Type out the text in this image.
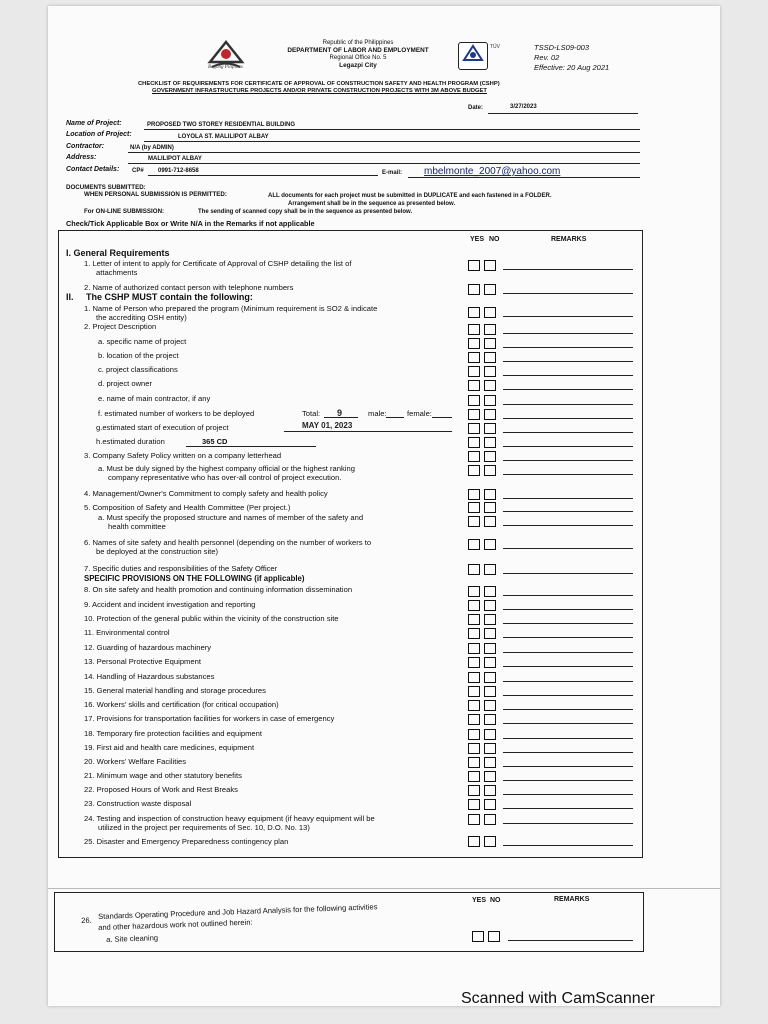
Bagong Pilipinas
Republic of the Philippines
DEPARTMENT OF LABOR AND EMPLOYMENT
Regional Office No. 5
Legazpi City
TÜV	TSSD-LS09-003
Rev. 02
Effective: 20 Aug 2021
CHECKLIST OF REQUIREMENTS FOR CERTIFICATE OF APPROVAL OF CONSTRUCTION SAFETY AND HEALTH PROGRAM (CSHP)
GOVERNMENT INFRASTRUCTURE PROJECTS AND/OR PRIVATE CONSTRUCTION PROJECTS WITH 3M ABOVE BUDGET
Date:	3/27/2023
Name of Project:	PROPOSED TWO STOREY RESIDENTIAL BUILDING
Location of Project:	LOYOLA ST. MALILIPOT ALBAY
Contractor:	N/A (by ADMIN)
Address:	MALILIPOT ALBAY
Contact Details: CP# 0991-712-8658	E-mail: mbelmonte_2007@yahoo.com
DOCUMENTS SUBMITTED:
WHEN PERSONAL SUBMISSION IS PERMITTED:	ALL documents for each project must be submitted in DUPLICATE and each fastened in a FOLDER.
Arrangement shall be in the sequence as presented below.
For ON-LINE SUBMISSION:	The sending of scanned copy shall be in the sequence as presented below.
Check/Tick Applicable Box or Write N/A in the Remarks if not applicable
YES NO	REMARKS
I. General Requirements
1. Letter of intent to apply for Certificate of Approval of CSHP detailing the list of
attachments
2. Name of authorized contact person with telephone numbers
II. The CSHP MUST contain the following:
1. Name of Person who prepared the program (Minimum requirement is SO2 & indicate
the accrediting OSH entity)
2. Project Description
a. specific name of project
b. location of the project
c. project classifications
d. project owner
e. name of main contractor, if any
f. estimated number of workers to be deployed	Total: 9	male:	female:
g.estimated start of execution of project	MAY 01, 2023
h.estimated duration	365 CD
3. Company Safety Policy written on a company letterhead
a. Must be duly signed by the highest company official or the highest ranking
company representative who has over-all control of project execution.
4. Management/Owner's Commitment to comply safety and health policy
5. Composition of Safety and Health Committee (Per project.)
a. Must specify the proposed structure and names of member of the safety and
health committee
6. Names of site safety and health personnel (depending on the number of workers to
be deployed at the construction site)
7. Specific duties and responsibilities of the Safety Officer
SPECIFIC PROVISIONS ON THE FOLLOWING (if applicable)
8. On site safety and health promotion and continuing information dissemination
9. Accident and incident investigation and reporting
10. Protection of the general public within the vicinity of the construction site
11. Environmental control
12. Guarding of hazardous machinery
13. Personal Protective Equipment
14. Handling of Hazardous substances
15. General material handling and storage procedures
16. Workers' skills and certification (for critical occupation)
17. Provisions for transportation facilities for workers in case of emergency
18. Temporary fire protection facilities and equipment
19. First aid and health care medicines, equipment
20. Workers' Welfare Facilities
21. Minimum wage and other statutory benefits
22. Proposed Hours of Work and Rest Breaks
23. Construction waste disposal
24. Testing and inspection of construction heavy equipment (if heavy equipment will be
utilized in the project per requirements of Sec. 10, D.O. No. 13)
25. Disaster and Emergency Preparedness contingency plan
YES NO	REMARKS
26. Standards Operating Procedure and Job Hazard Analysis for the following activities
and other hazardous work not outlined herein:
a. Site cleaning
Scanned with CamScanner
